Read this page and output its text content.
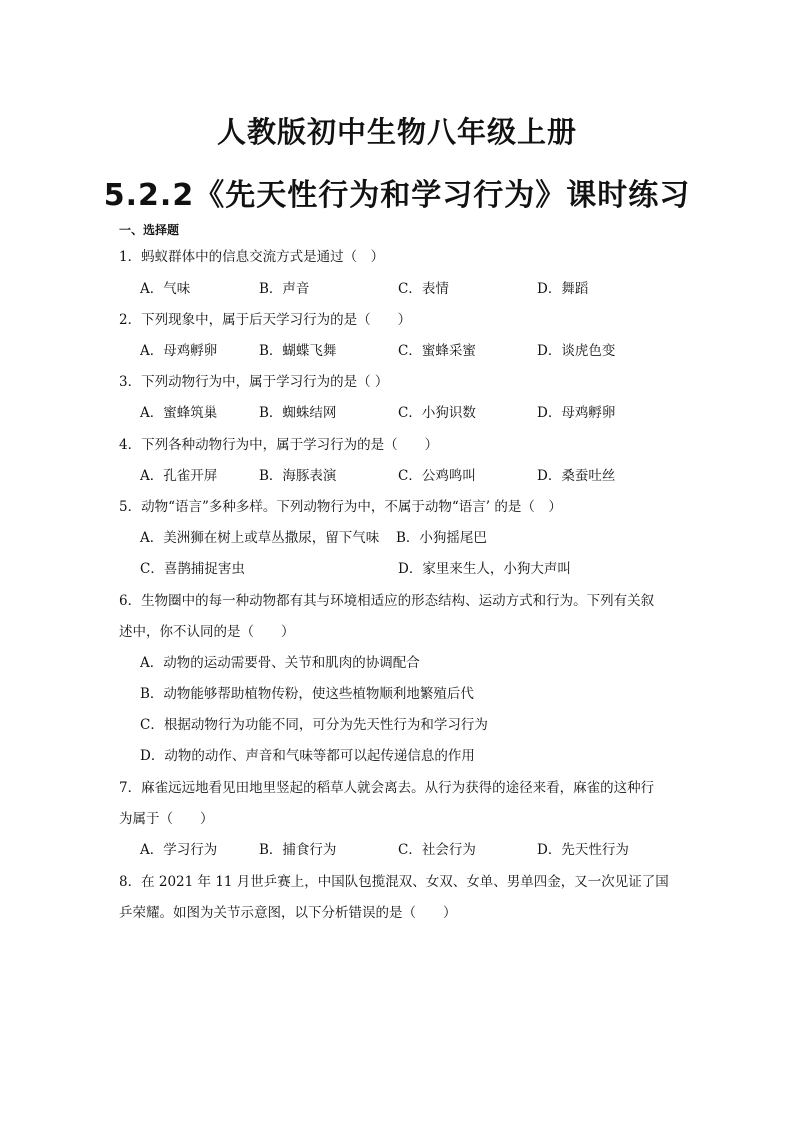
人教版初中生物八年级上册
5.2.2《先天性行为和学习行为》课时练习
一、选择题
1．蚂蚁群体中的信息交流方式是通过（　）
A．气味	B．声音	C．表情	D．舞蹈
2．下列现象中，属于后天学习行为的是（　　）
A．母鸡孵卵	B．蝴蝶飞舞	C．蜜蜂采蜜	D．谈虎色变
3．下列动物行为中，属于学习行为的是（ ）
A．蜜蜂筑巢	B．蜘蛛结网	C．小狗识数	D．母鸡孵卵
4．下列各种动物行为中，属于学习行为的是（　　）
A．孔雀开屏	B．海豚表演	C．公鸡鸣叫	D．桑蚕吐丝
5．动物“语言”多种多样。下列动物行为中，不属于动物“语言’ 的是（　）
A．美洲狮在树上或草丛撒尿，留下气味 B．小狗摇尾巴
C．喜鹊捕捉害虫	D．家里来生人，小狗大声叫
6．生物圈中的每一种动物都有其与环境相适应的形态结构、运动方式和行为。下列有关叙
述中，你不认同的是（　　）
A．动物的运动需要骨、关节和肌肉的协调配合
B．动物能够帮助植物传粉，使这些植物顺利地繁殖后代
C．根据动物行为功能不同，可分为先天性行为和学习行为
D．动物的动作、声音和气味等都可以起传递信息的作用
7．麻雀远远地看见田地里竖起的稻草人就会离去。从行为获得的途径来看，麻雀的这种行
为属于（　　）
A．学习行为	B．捕食行为	C．社会行为	D．先天性行为
8．在 2021 年 11 月世乒赛上，中国队包揽混双、女双、女单、男单四金，又一次见证了国
乒荣耀。如图为关节示意图，以下分析错误的是（　　）
